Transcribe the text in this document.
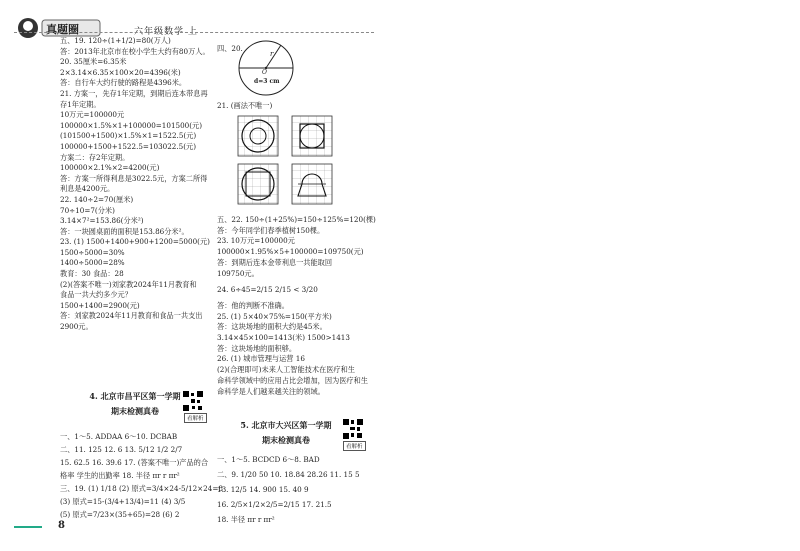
真题圈	六年级数学 上
五、19. 120÷(1+1/2)=80(万人)
答：2013年北京市在校小学生大约有80万人。
20. 35厘米=6.35米
2×3.14×6.35×100×20=4396(米)
答：自行车大约行驶的路程是4396米。
21. 方案一，先存1年定期，到期后连本带息再
存1年定期。
10万元=100000元
100000×1.5%×1+100000=101500(元)
(101500+1500)×1.5%×1=1522.5(元)
100000+1500+1522.5=103022.5(元)
方案二：存2年定期。
100000×2.1%×2=4200(元)
答：方案一所得利息是3022.5元，方案二所得
利息是4200元。
22. 140÷2=70(厘米)
70÷10=7(分米)
3.14×7²=153.86(分米²)
答：一块圆桌面的面积是153.86分米²。
23. (1) 1500+1400+900+1200=5000(元)
1500÷5000=30%
1400÷5000=28%
教育：30 食品：28
(2)(答案不唯一)刘家教2024年11月教育和
食品一共大约多少元？
1500+1400=2900(元)
答：刘家教2024年11月教育和食品一共支出
2900元。
4. 北京市昌平区第一学期
期末检测真卷
看解析
一、1～5. ADDAA 6～10. DCBAB
二、11. 125 12. 6 13. 5/12 1/2 2/7
15. 62.5 16. 39.6 17. (答案不唯一)产品的合
格率 学生的出勤率 18. 半径 πr r πr²
三、19. (1) 1/18 (2) 原式=3/4×24-5/12×24=8
(3) 原式=15-(3/4+13/4)=11 (4) 3/5
(5) 原式=7/23×(35+65)=28 (6) 2
四、20.
r
O
d=3 cm
21. (画法不唯一)
五、22. 150÷(1+25%)=150÷125%=120(棵)
答：今年同学们春季植树150棵。
23. 10万元=100000元
100000×1.95%×5+100000=109750(元)
答：到期后连本金带利息一共能取回
109750元。
24. 6÷45=2/15 2/15 < 3/20
答：他的判断不准确。
25. (1) 5×40×75%=150(平方米)
答：这块场地的面积大约是45米。
3.14×45×100=1413(米) 1500>1413
答：这块场地的面积够。
26. (1) 城市管理与运营 16
(2)(合理即可)未来人工智能技术在医疗和生
命科学领域中的应用占比会增加，因为医疗和生
命科学是人们越来越关注的领域。
5. 北京市大兴区第一学期
期末检测真卷
看解析
一、1～5. BCDCD 6～8. BAD
二、9. 1/20 50 10. 18.84 28.26 11. 15 5
13. 12/5 14. 900 15. 40 9
16. 2/5×1/2×2/5=2/15 17. 21.5
18. 半径 πr r πr²
8
